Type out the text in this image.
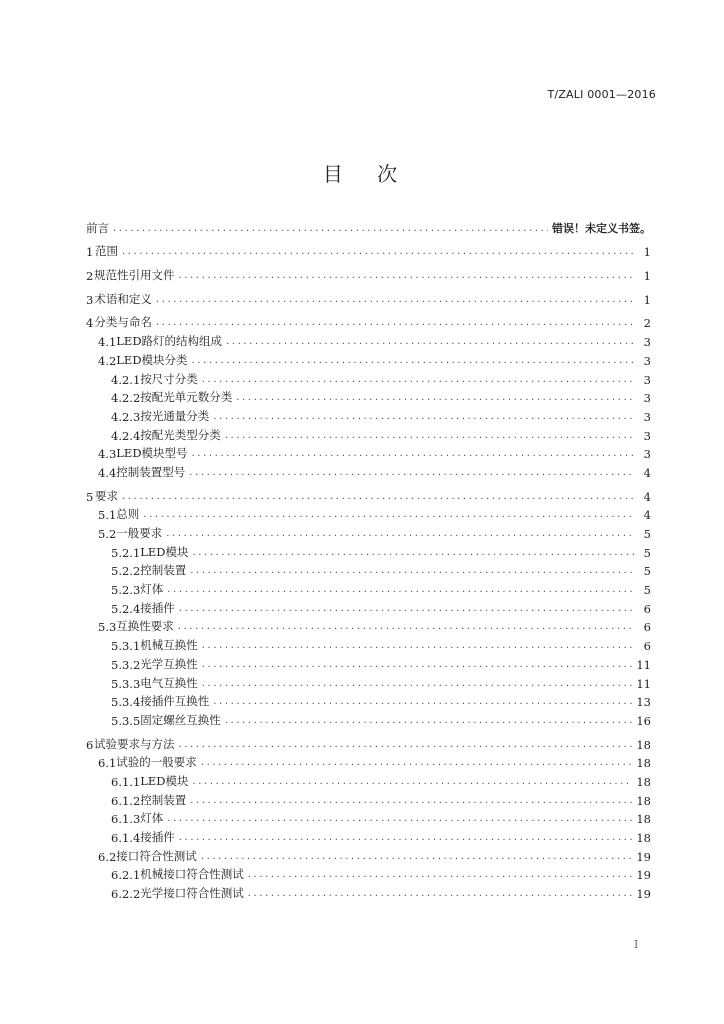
T/ZALI 0001—2016
目 次
前言 .....	错误！未定义书签。
1 范围 .....	1
2 规范性引用文件 .....	1
3 术语和定义 .....	1
4 分类与命名 .....	2
4.1 LED路灯的结构组成 .....	3
4.2 LED模块分类 .....	3
4.2.1 按尺寸分类 .....	3
4.2.2 按配光单元数分类 .....	3
4.2.3 按光通量分类 .....	3
4.2.4 按配光类型分类 .....	3
4.3 LED模块型号 .....	3
4.4 控制装置型号 .....	4
5 要求 .....	4
5.1 总则 .....	4
5.2 一般要求 .....	5
5.2.1 LED模块 .....	5
5.2.2 控制装置 .....	5
5.2.3 灯体 .....	5
5.2.4 接插件 .....	6
5.3 互换性要求 .....	6
5.3.1 机械互换性 .....	6
5.3.2 光学互换性 .....	11
5.3.3 电气互换性 .....	11
5.3.4 接插件互换性 .....	13
5.3.5 固定螺丝互换性 .....	16
6 试验要求与方法 .....	18
6.1 试验的一般要求 .....	18
6.1.1 LED模块 .....	18
6.1.2 控制装置 .....	18
6.1.3 灯体 .....	18
6.1.4 接插件 .....	18
6.2 接口符合性测试 .....	19
6.2.1 机械接口符合性测试 .....	19
6.2.2 光学接口符合性测试 .....	19
I
